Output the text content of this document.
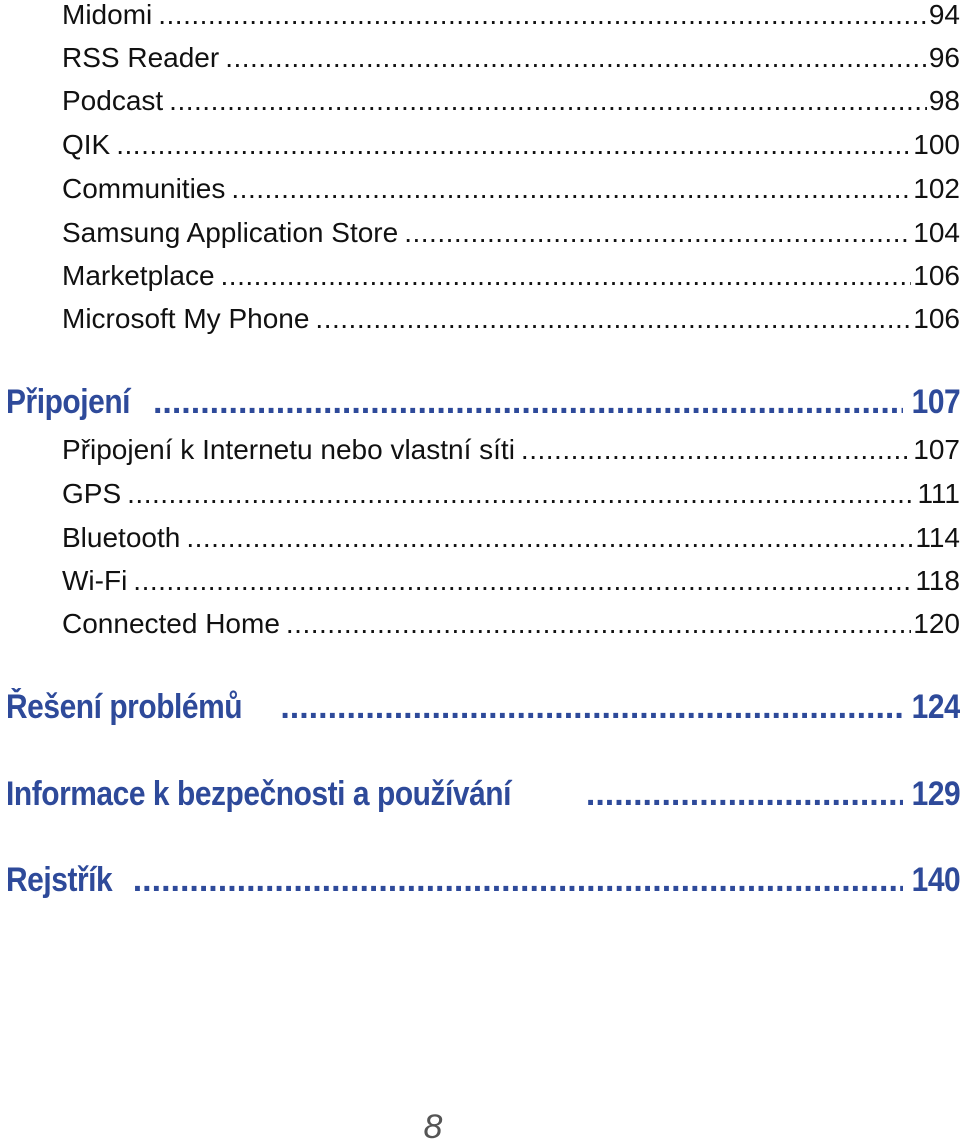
Midomi .....	94
RSS Reader .....	96
Podcast .....	98
QIK .....	100
Communities .....	102
Samsung Application Store .....	104
Marketplace .....	106
Microsoft My Phone .....	106
Připojení .....	107
Připojení k Internetu nebo vlastní síti .....	107
GPS .....	111
Bluetooth .....	114
Wi-Fi .....	118
Connected Home .....	120
Řešení problémů .....	124
Informace k bezpečnosti a používání .....	129
Rejstřík .....	140
8
